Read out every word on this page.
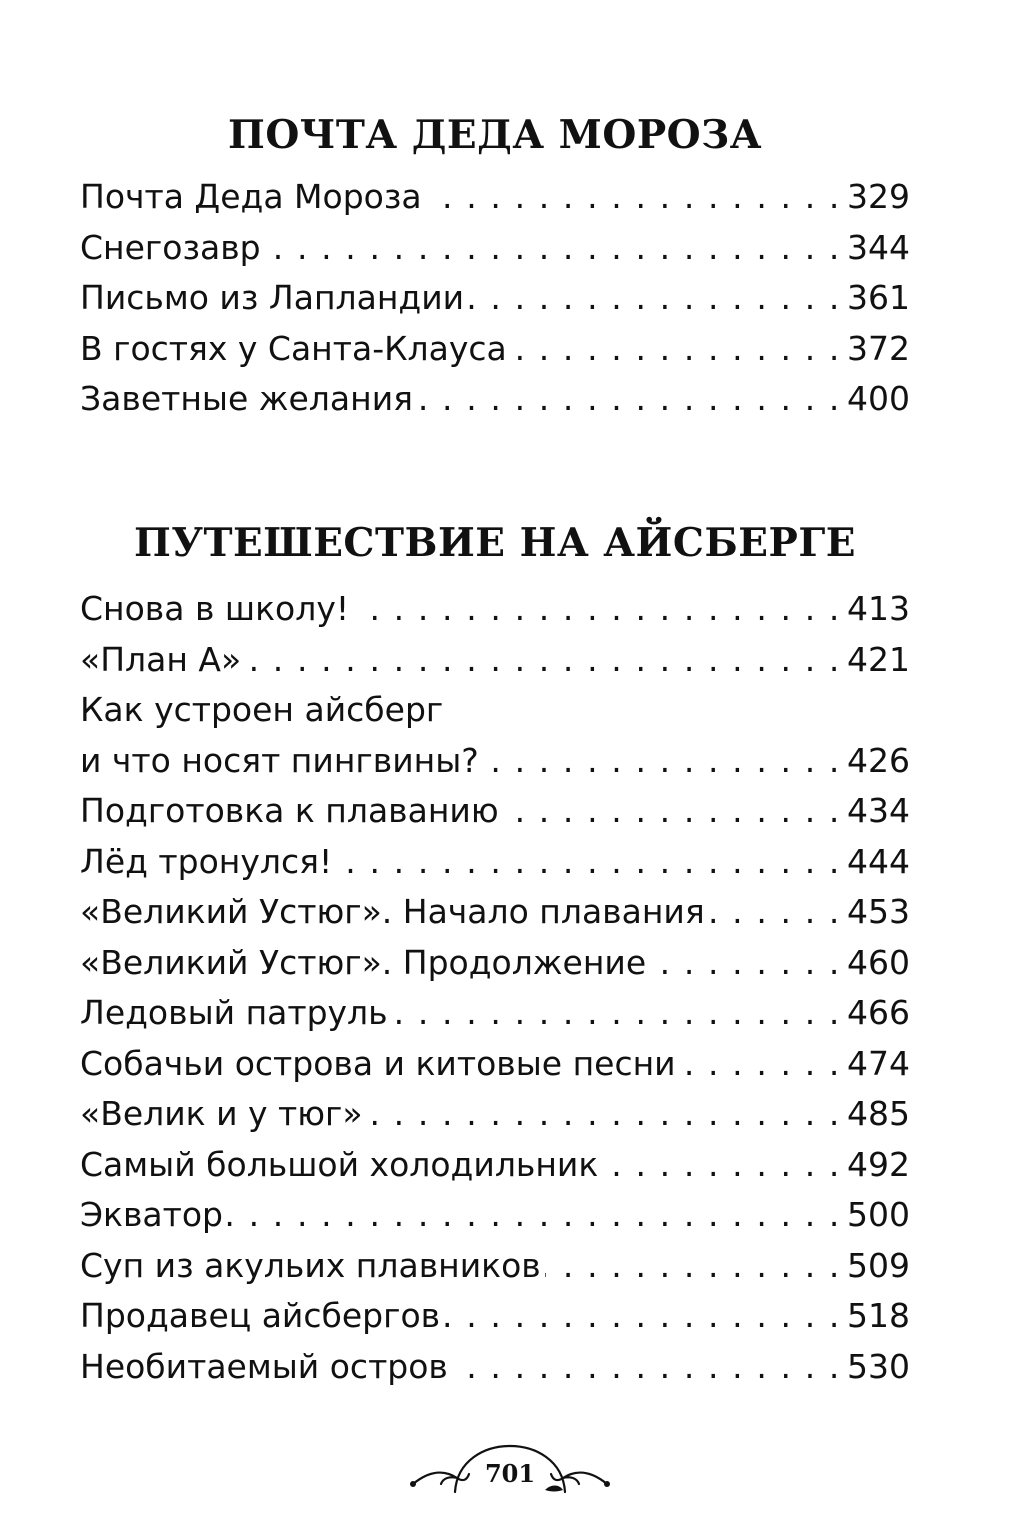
ПОЧТА ДЕДА МОРОЗА
Почта Деда Мороза . . .	329
Снегозавр . . .	344
Письмо из Лапландии . . .	361
В гостях у Санта-Клауса . . .	372
Заветные желания . . .	400
ПУТЕШЕСТВИЕ НА АЙСБЕРГЕ
Снова в школу! . . .	413
«План А» . . .	421
Как устроен айсберг
и что носят пингвины? . . .	426
Подготовка к плаванию . . .	434
Лёд тронулся! . . .	444
«Великий Устюг». Начало плавания . . .	453
«Великий Устюг». Продолжение . . .	460
Ледовый патруль . . .	466
Собачьи острова и китовые песни . . .	474
«Велик и у тюг» . . .	485
Самый большой холодильник . . .	492
Экватор . . .	500
Суп из акульих плавников . . .	509
Продавец айсбергов . . .	518
Необитаемый остров . . .	530
701
